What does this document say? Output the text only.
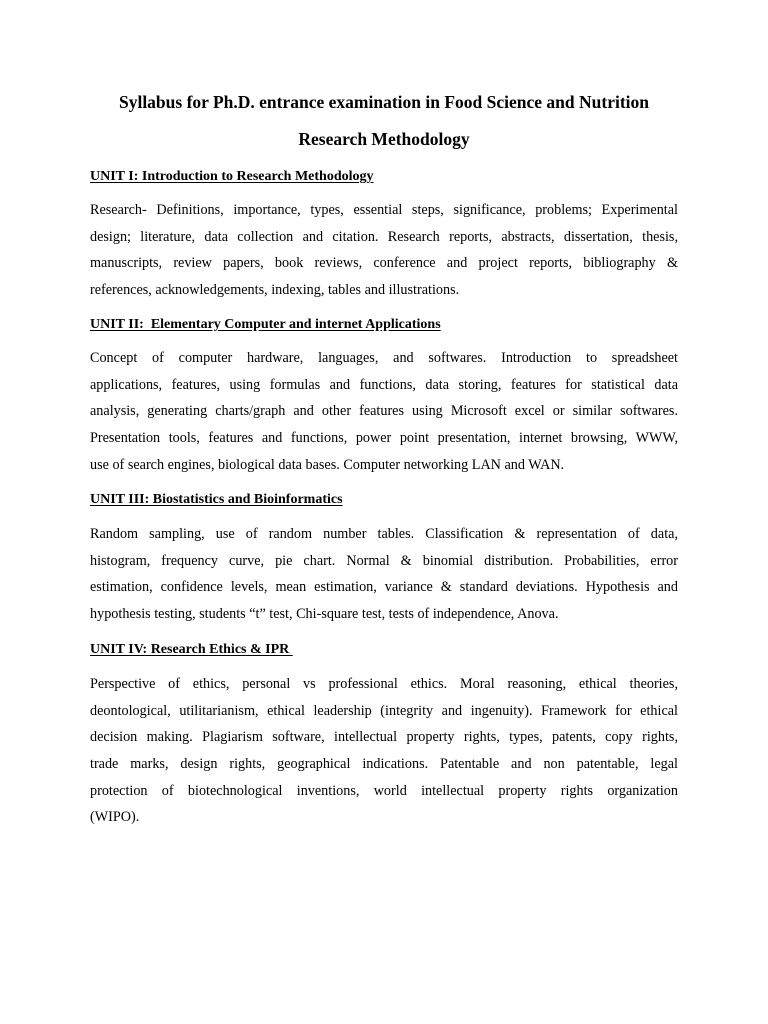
Syllabus for Ph.D. entrance examination in Food Science and Nutrition
Research Methodology
UNIT I: Introduction to Research Methodology
Research- Definitions, importance, types, essential steps, significance, problems; Experimental
design; literature, data collection and citation. Research reports, abstracts, dissertation, thesis,
manuscripts, review papers, book reviews, conference and project reports, bibliography &
references, acknowledgements, indexing, tables and illustrations.
UNIT II:  Elementary Computer and internet Applications
Concept of computer hardware, languages, and softwares. Introduction to spreadsheet
applications, features, using formulas and functions, data storing, features for statistical data
analysis, generating charts/graph and other features using Microsoft excel or similar softwares.
Presentation tools, features and functions, power point presentation, internet browsing, WWW,
use of search engines, biological data bases. Computer networking LAN and WAN.
UNIT III: Biostatistics and Bioinformatics
Random sampling, use of random number tables. Classification & representation of data,
histogram, frequency curve, pie chart. Normal & binomial distribution. Probabilities, error
estimation, confidence levels, mean estimation, variance & standard deviations. Hypothesis and
hypothesis testing, students “t” test, Chi-square test, tests of independence, Anova.
UNIT IV: Research Ethics & IPR
Perspective of ethics, personal vs professional ethics. Moral reasoning, ethical theories,
deontological, utilitarianism, ethical leadership (integrity and ingenuity). Framework for ethical
decision making. Plagiarism software, intellectual property rights, types, patents, copy rights,
trade marks, design rights, geographical indications. Patentable and non patentable, legal
protection of biotechnological inventions, world intellectual property rights organization
(WIPO).
